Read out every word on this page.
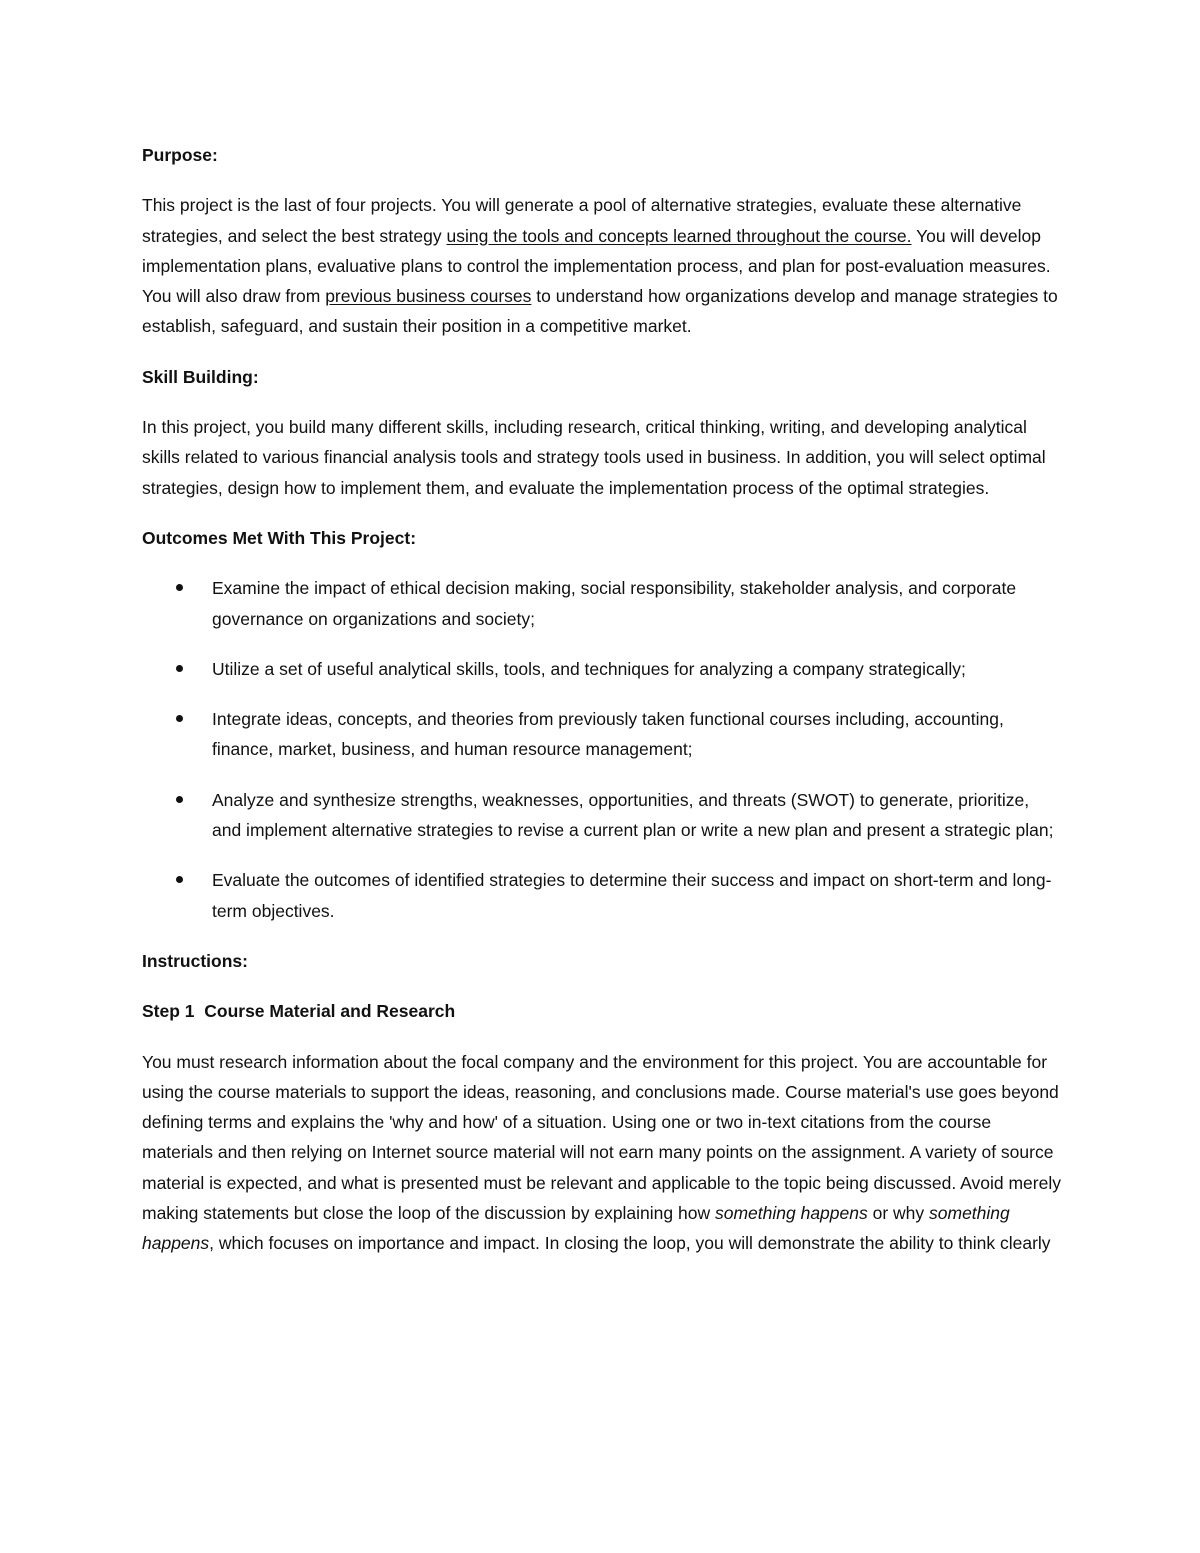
Purpose:

This project is the last of four projects. You will generate a pool of alternative strategies, evaluate these alternative strategies, and select the best strategy using the tools and concepts learned throughout the course. You will develop implementation plans, evaluative plans to control the implementation process, and plan for post-evaluation measures. You will also draw from previous business courses to understand how organizations develop and manage strategies to establish, safeguard, and sustain their position in a competitive market.

Skill Building:

In this project, you build many different skills, including research, critical thinking, writing, and developing analytical skills related to various financial analysis tools and strategy tools used in business. In addition, you will select optimal strategies, design how to implement them, and evaluate the implementation process of the optimal strategies.

Outcomes Met With This Project:
Examine the impact of ethical decision making, social responsibility, stakeholder analysis, and corporate governance on organizations and society;
Utilize a set of useful analytical skills, tools, and techniques for analyzing a company strategically;
Integrate ideas, concepts, and theories from previously taken functional courses including, accounting, finance, market, business, and human resource management;
Analyze and synthesize strengths, weaknesses, opportunities, and threats (SWOT) to generate, prioritize, and implement alternative strategies to revise a current plan or write a new plan and present a strategic plan;
Evaluate the outcomes of identified strategies to determine their success and impact on short-term and long-term objectives.
Instructions:
Step 1  Course Material and Research

You must research information about the focal company and the environment for this project. You are accountable for using the course materials to support the ideas, reasoning, and conclusions made. Course material's use goes beyond defining terms and explains the 'why and how' of a situation. Using one or two in-text citations from the course materials and then relying on Internet source material will not earn many points on the assignment. A variety of source material is expected, and what is presented must be relevant and applicable to the topic being discussed. Avoid merely making statements but close the loop of the discussion by explaining how something happens or why something happens, which focuses on importance and impact. In closing the loop, you will demonstrate the ability to think clearly
